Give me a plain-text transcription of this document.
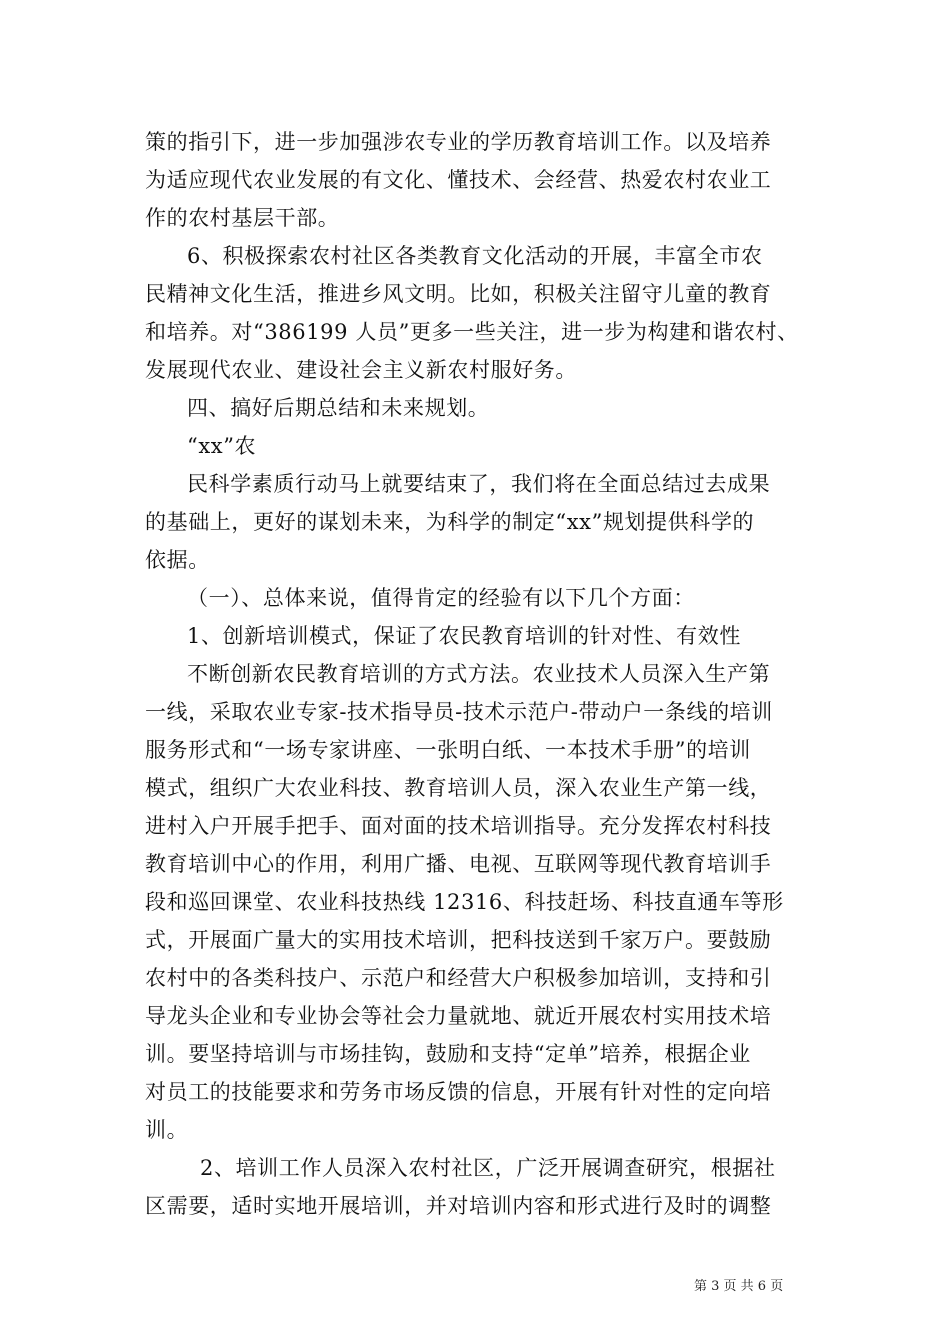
策的指引下，进一步加强涉农专业的学历教育培训工作。以及培养
为适应现代农业发展的有文化、懂技术、会经营、热爱农村农业工
作的农村基层干部。
6、积极探索农村社区各类教育文化活动的开展，丰富全市农
民精神文化生活，推进乡风文明。比如，积极关注留守儿童的教育
和培养。对“386199 人员”更多一些关注，进一步为构建和谐农村、
发展现代农业、建设社会主义新农村服好务。
四、搞好后期总结和未来规划。
“xx”农
民科学素质行动马上就要结束了，我们将在全面总结过去成果
的基础上，更好的谋划未来，为科学的制定“xx”规划提供科学的
依据。
（一）、总体来说，值得肯定的经验有以下几个方面：
1、创新培训模式，保证了农民教育培训的针对性、有效性
不断创新农民教育培训的方式方法。农业技术人员深入生产第
一线，采取农业专家-技术指导员-技术示范户-带动户一条线的培训
服务形式和“一场专家讲座、一张明白纸、一本技术手册”的培训
模式，组织广大农业科技、教育培训人员，深入农业生产第一线，
进村入户开展手把手、面对面的技术培训指导。充分发挥农村科技
教育培训中心的作用，利用广播、电视、互联网等现代教育培训手
段和巡回课堂、农业科技热线 12316、科技赶场、科技直通车等形
式，开展面广量大的实用技术培训，把科技送到千家万户。要鼓励
农村中的各类科技户、示范户和经营大户积极参加培训，支持和引
导龙头企业和专业协会等社会力量就地、就近开展农村实用技术培
训。要坚持培训与市场挂钩，鼓励和支持“定单”培养，根据企业
对员工的技能要求和劳务市场反馈的信息，开展有针对性的定向培
训。
2、培训工作人员深入农村社区，广泛开展调查研究，根据社
区需要，适时实地开展培训，并对培训内容和形式进行及时的调整
第 3 页 共 6 页
